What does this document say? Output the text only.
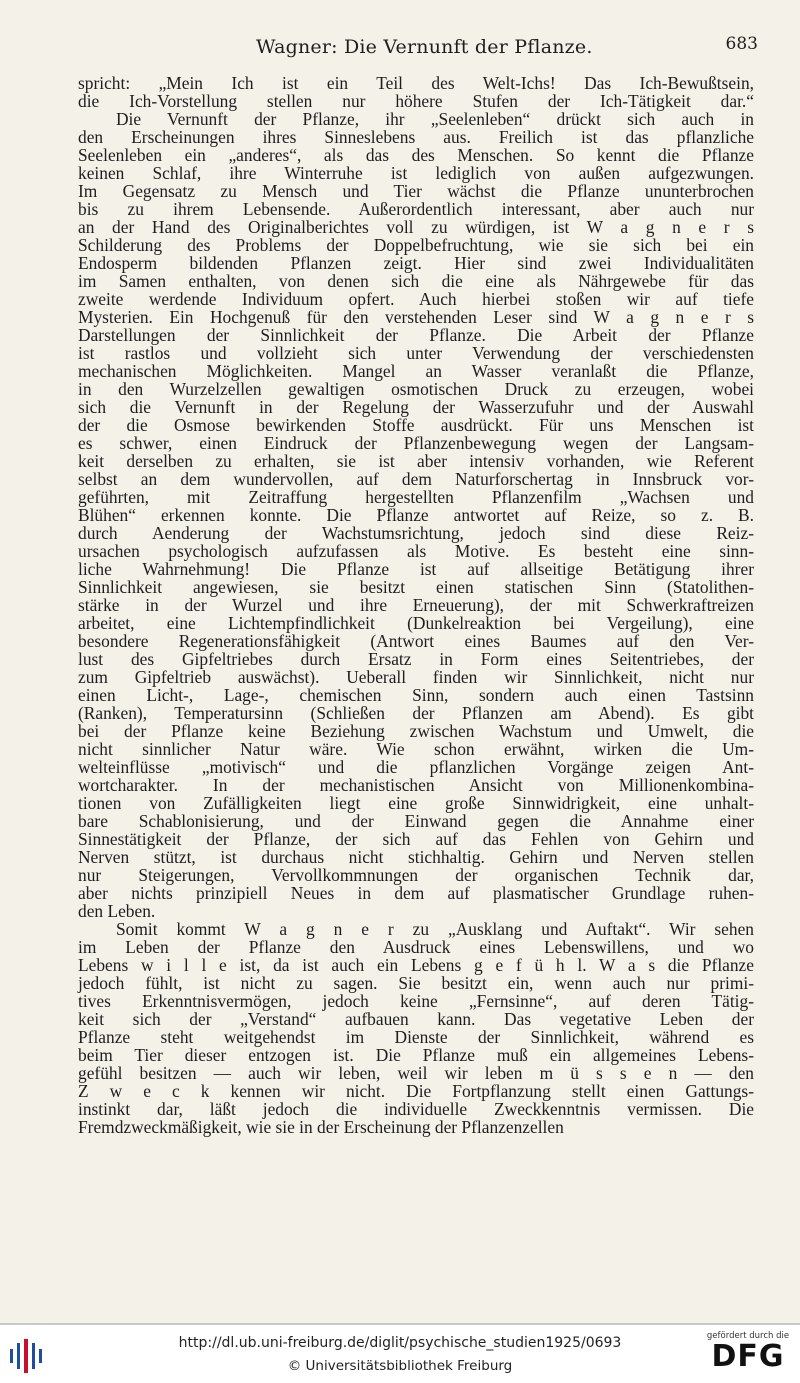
Wagner: Die Vernunft der Pflanze.	683
spricht: „Mein Ich ist ein Teil des Welt-Ichs! Das Ich-Bewußtsein,
die Ich-Vorstellung stellen nur höhere Stufen der Ich-Tätigkeit dar.“
Die Vernunft der Pflanze, ihr „Seelenleben“ drückt sich auch in
den Erscheinungen ihres Sinneslebens aus. Freilich ist das pflanzliche
Seelenleben ein „anderes“, als das des Menschen. So kennt die Pflanze
keinen Schlaf, ihre Winterruhe ist lediglich von außen aufgezwungen.
Im Gegensatz zu Mensch und Tier wächst die Pflanze ununterbrochen
bis zu ihrem Lebensende. Außerordentlich interessant, aber auch nur
an der Hand des Originalberichtes voll zu würdigen, ist W a g n e r s
Schilderung des Problems der Doppelbefruchtung, wie sie sich bei ein
Endosperm bildenden Pflanzen zeigt. Hier sind zwei Individualitäten
im Samen enthalten, von denen sich die eine als Nährgewebe für das
zweite werdende Individuum opfert. Auch hierbei stoßen wir auf tiefe
Mysterien. Ein Hochgenuß für den verstehenden Leser sind W a g n e r s
Darstellungen der Sinnlichkeit der Pflanze. Die Arbeit der Pflanze
ist rastlos und vollzieht sich unter Verwendung der verschiedensten
mechanischen Möglichkeiten. Mangel an Wasser veranlaßt die Pflanze,
in den Wurzelzellen gewaltigen osmotischen Druck zu erzeugen, wobei
sich die Vernunft in der Regelung der Wasserzufuhr und der Auswahl
der die Osmose bewirkenden Stoffe ausdrückt. Für uns Menschen ist
es schwer, einen Eindruck der Pflanzenbewegung wegen der Langsam-
keit derselben zu erhalten, sie ist aber intensiv vorhanden, wie Referent
selbst an dem wundervollen, auf dem Naturforschertag in Innsbruck vor-
geführten, mit Zeitraffung hergestellten Pflanzenfilm „Wachsen und
Blühen“ erkennen konnte. Die Pflanze antwortet auf Reize, so z. B.
durch Aenderung der Wachstumsrichtung, jedoch sind diese Reiz-
ursachen psychologisch aufzufassen als Motive. Es besteht eine sinn-
liche Wahrnehmung! Die Pflanze ist auf allseitige Betätigung ihrer
Sinnlichkeit angewiesen, sie besitzt einen statischen Sinn (Statolithen-
stärke in der Wurzel und ihre Erneuerung), der mit Schwerkraftreizen
arbeitet, eine Lichtempfindlichkeit (Dunkelreaktion bei Vergeilung), eine
besondere Regenerationsfähigkeit (Antwort eines Baumes auf den Ver-
lust des Gipfeltriebes durch Ersatz in Form eines Seitentriebes, der
zum Gipfeltrieb auswächst). Ueberall finden wir Sinnlichkeit, nicht nur
einen Licht-, Lage-, chemischen Sinn, sondern auch einen Tastsinn
(Ranken), Temperatursinn (Schließen der Pflanzen am Abend). Es gibt
bei der Pflanze keine Beziehung zwischen Wachstum und Umwelt, die
nicht sinnlicher Natur wäre. Wie schon erwähnt, wirken die Um-
welteinflüsse „motivisch“ und die pflanzlichen Vorgänge zeigen Ant-
wortcharakter. In der mechanistischen Ansicht von Millionenkombina-
tionen von Zufälligkeiten liegt eine große Sinnwidrigkeit, eine unhalt-
bare Schablonisierung, und der Einwand gegen die Annahme einer
Sinnestätigkeit der Pflanze, der sich auf das Fehlen von Gehirn und
Nerven stützt, ist durchaus nicht stichhaltig. Gehirn und Nerven stellen
nur Steigerungen, Vervollkommnungen der organischen Technik dar,
aber nichts prinzipiell Neues in dem auf plasmatischer Grundlage ruhen-
den Leben.
Somit kommt W a g n e r zu „Ausklang und Auftakt“. Wir sehen
im Leben der Pflanze den Ausdruck eines Lebenswillens, und wo
Lebens w i l l e ist, da ist auch ein Lebens g e f ü h l. W a s die Pflanze
jedoch fühlt, ist nicht zu sagen. Sie besitzt ein, wenn auch nur primi-
tives Erkenntnisvermögen, jedoch keine „Fernsinne“, auf deren Tätig-
keit sich der „Verstand“ aufbauen kann. Das vegetative Leben der
Pflanze steht weitgehendst im Dienste der Sinnlichkeit, während es
beim Tier dieser entzogen ist. Die Pflanze muß ein allgemeines Lebens-
gefühl besitzen — auch wir leben, weil wir leben m ü s s e n — den
Z w e c k kennen wir nicht. Die Fortpflanzung stellt einen Gattungs-
instinkt dar, läßt jedoch die individuelle Zweckkenntnis vermissen. Die
Fremdzweckmäßigkeit, wie sie in der Erscheinung der Pflanzenzellen
http://dl.ub.uni-freiburg.de/diglit/psychische_studien1925/0693
© Universitätsbibliothek Freiburg
gefördert durch die
DFG
